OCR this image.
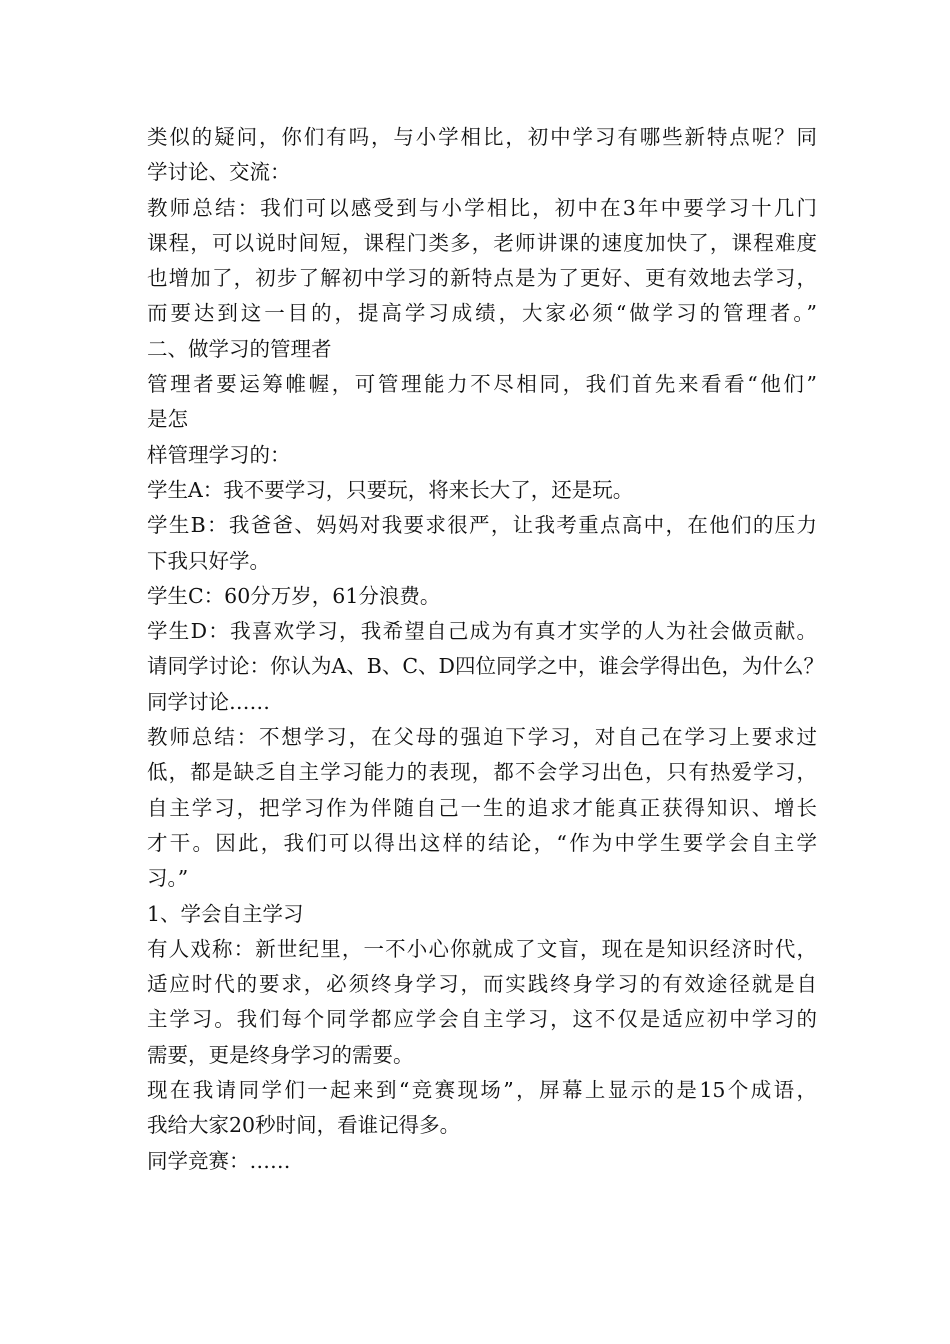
类似的疑问，你们有吗，与小学相比，初中学习有哪些新特点呢？同

学讨论、交流：

教师总结：我们可以感受到与小学相比，初中在3年中要学习十几门

课程，可以说时间短，课程门类多，老师讲课的速度加快了，课程难度

也增加了，初步了解初中学习的新特点是为了更好、更有效地去学习，

而要达到这一目的，提高学习成绩，大家必须“做学习的管理者。”

二、做学习的管理者

管理者要运筹帷幄，可管理能力不尽相同，我们首先来看看“他们”

是怎

样管理学习的：

学生A：我不要学习，只要玩，将来长大了，还是玩。

学生B：我爸爸、妈妈对我要求很严，让我考重点高中，在他们的压力

下我只好学。

学生C：60分万岁，61分浪费。

学生D：我喜欢学习，我希望自己成为有真才实学的人为社会做贡献。

请同学讨论：你认为A、B、C、D四位同学之中，谁会学得出色，为什么？

同学讨论……

教师总结：不想学习，在父母的强迫下学习，对自己在学习上要求过

低，都是缺乏自主学习能力的表现，都不会学习出色，只有热爱学习，

自主学习，把学习作为伴随自己一生的追求才能真正获得知识、增长

才干。因此，我们可以得出这样的结论，“作为中学生要学会自主学

习。”

1、学会自主学习

有人戏称：新世纪里，一不小心你就成了文盲，现在是知识经济时代，

适应时代的要求，必须终身学习，而实践终身学习的有效途径就是自

主学习。我们每个同学都应学会自主学习，这不仅是适应初中学习的

需要，更是终身学习的需要。

现在我请同学们一起来到“竞赛现场”，屏幕上显示的是15个成语，

我给大家20秒时间，看谁记得多。

同学竞赛：……
